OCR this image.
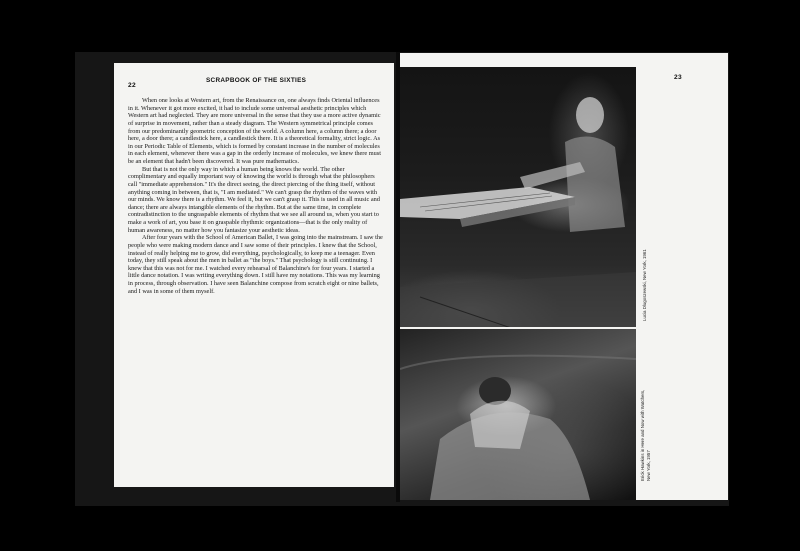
22
SCRAPBOOK OF THE SIXTIES

When one looks at Western art, from the Renaissance on, one always finds Oriental influences in it. Whenever it got more excited, it had to include some universal aesthetic principles which Western art had neglected. They are more universal in the sense that they use a more active dynamic of surprise in movement, rather than a steady diagram. The Western symmetrical principle comes from our predominantly geometric conception of the world. A column here, a column there; a door here, a door there; a candlestick here, a candlestick there. It is a theoretical formality, strict logic. As in our Periodic Table of Elements, which is formed by constant increase in the number of molecules in each element, whenever there was a gap in the orderly increase of molecules, we knew there must be an element that hadn't been discovered. It was pure mathematics.

But that is not the only way in which a human being knows the world. The other complimentary and equally important way of knowing the world is through what the philosophers call "immediate apprehension." It's the direct seeing, the direct piercing of the thing itself, without anything coming in between, that is, "I am mediated." We can't grasp the rhythm of the waves with our minds. We know there is a rhythm. We feel it, but we can't grasp it. This is used in all music and dance; there are always intangible elements of the rhythm. But at the same time, in complete contradistinction to the ungraspable elements of rhythm that we see all around us, when you start to make a work of art, you base it on graspable rhythmic organizations—that is the only reality of human awareness, no matter how you fantasize your aesthetic ideas.

After four years with the School of American Ballet, I was going into the mainstream. I saw the people who were making modern dance and I saw some of their principles. I knew that the School, instead of really helping me to grow, did everything, psychologically, to keep me a teenager. Even today, they still speak about the men in ballet as "the boys." That psychology is still continuing. I knew that this was not for me. I watched every rehearsal of Balanchine's for four years. I started a little dance notation. I was writing everything down. I still have my notations. This was my learning in process, through observation. I have seen Balanchine compose from scratch eight or nine ballets, and I was in some of them myself.

23
Lucia Dlugoszewski, New York, 1961
Erick Hawkins in Here and Now with Watchers, New York, 1957
